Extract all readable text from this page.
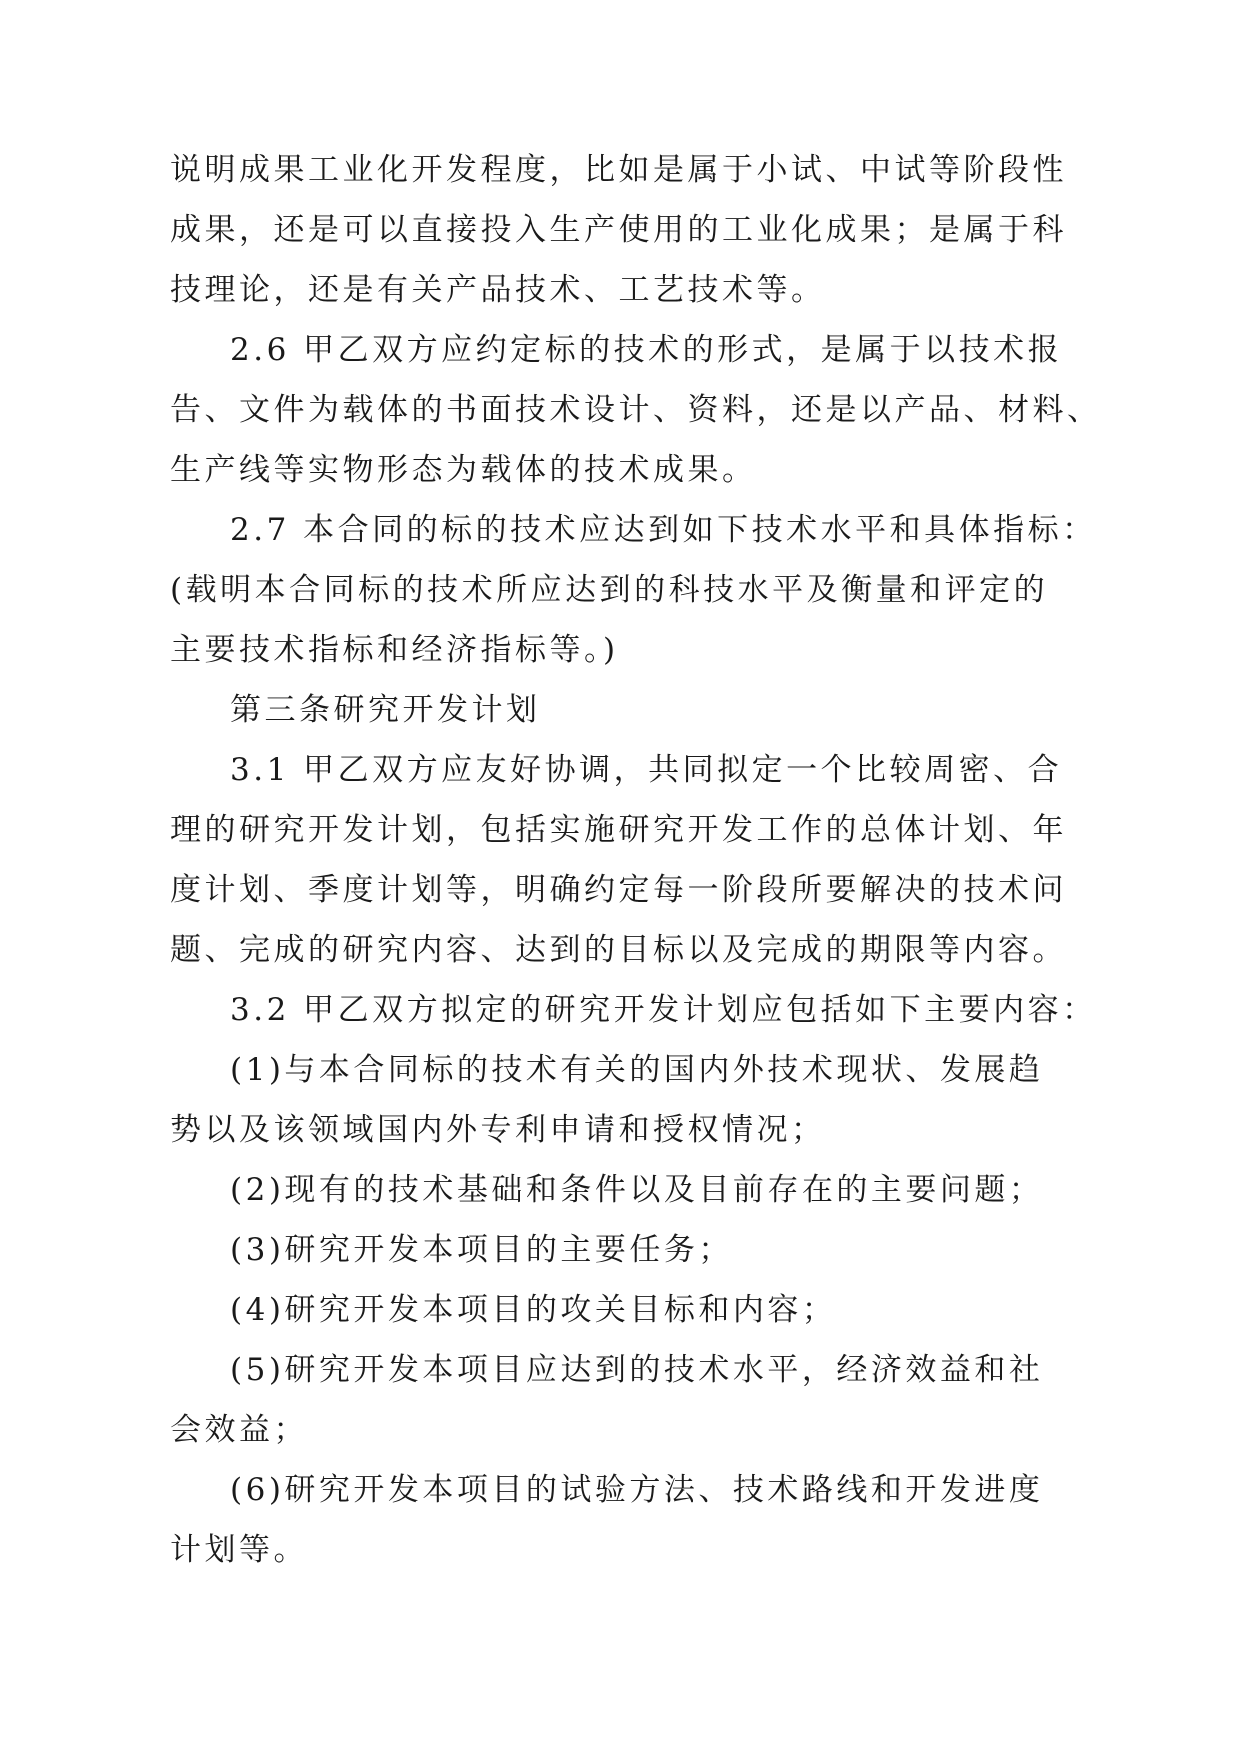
说明成果工业化开发程度，比如是属于小试、中试等阶段性
成果，还是可以直接投入生产使用的工业化成果；是属于科
技理论，还是有关产品技术、工艺技术等。
2.6 甲乙双方应约定标的技术的形式，是属于以技术报
告、文件为载体的书面技术设计、资料，还是以产品、材料、
生产线等实物形态为载体的技术成果。
2.7 本合同的标的技术应达到如下技术水平和具体指标：
(载明本合同标的技术所应达到的科技水平及衡量和评定的
主要技术指标和经济指标等。)
第三条研究开发计划
3.1 甲乙双方应友好协调，共同拟定一个比较周密、合
理的研究开发计划，包括实施研究开发工作的总体计划、年
度计划、季度计划等，明确约定每一阶段所要解决的技术问
题、完成的研究内容、达到的目标以及完成的期限等内容。
3.2 甲乙双方拟定的研究开发计划应包括如下主要内容：
(1)与本合同标的技术有关的国内外技术现状、发展趋
势以及该领域国内外专利申请和授权情况；
(2)现有的技术基础和条件以及目前存在的主要问题；
(3)研究开发本项目的主要任务；
(4)研究开发本项目的攻关目标和内容；
(5)研究开发本项目应达到的技术水平，经济效益和社
会效益；
(6)研究开发本项目的试验方法、技术路线和开发进度
计划等。
